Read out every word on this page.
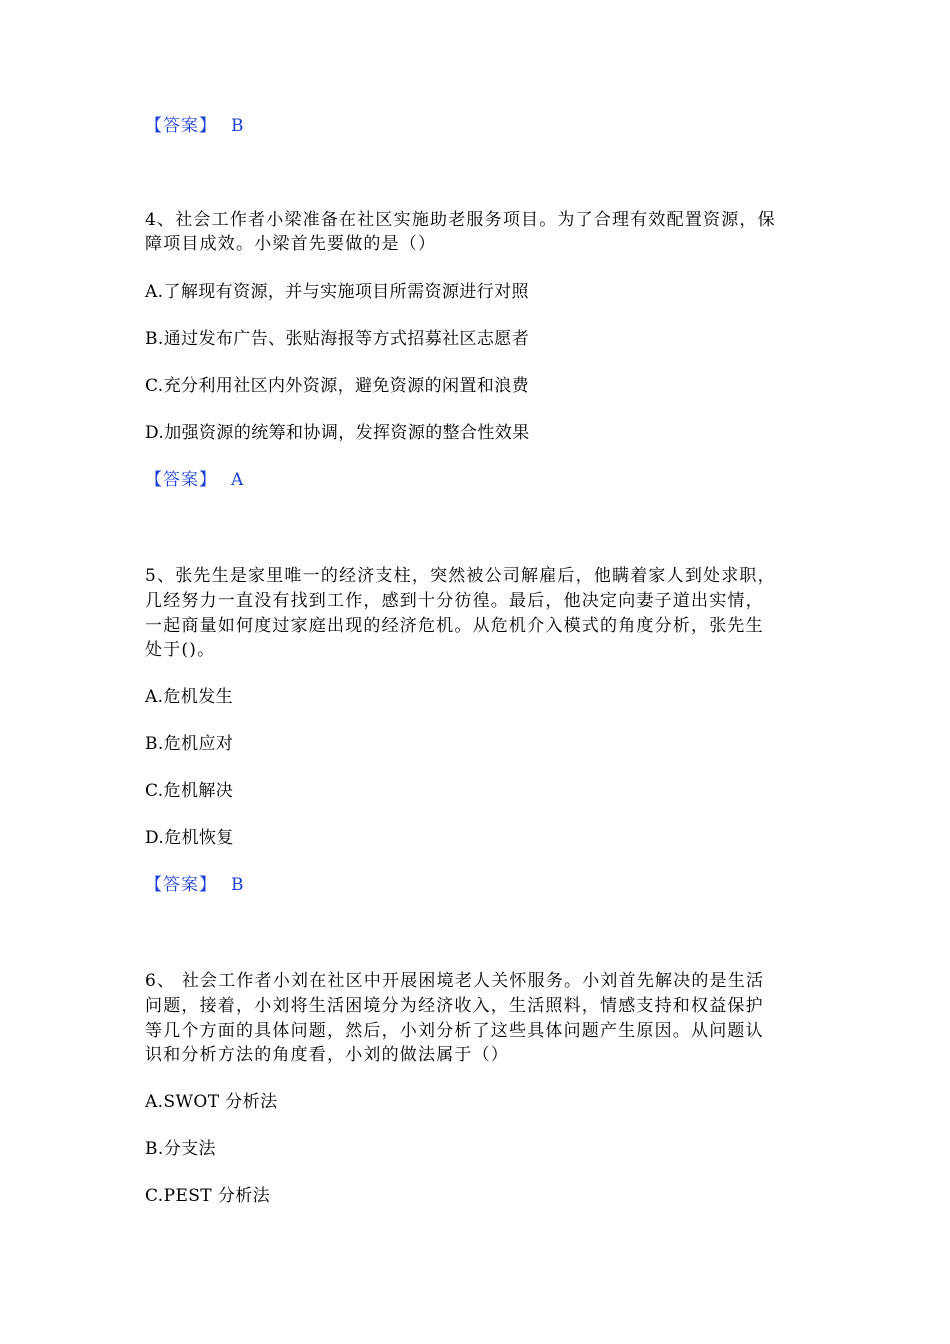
【答案】 B
4、社会工作者小梁准备在社区实施助老服务项目。为了合理有效配置资源，保
障项目成效。小梁首先要做的是（）
A.了解现有资源，并与实施项目所需资源进行对照
B.通过发布广告、张贴海报等方式招募社区志愿者
C.充分利用社区内外资源，避免资源的闲置和浪费
D.加强资源的统筹和协调，发挥资源的整合性效果
【答案】 A
5、张先生是家里唯一的经济支柱，突然被公司解雇后，他瞒着家人到处求职，
几经努力一直没有找到工作，感到十分彷徨。最后，他决定向妻子道出实情，
一起商量如何度过家庭出现的经济危机。从危机介入模式的角度分析，张先生
处于()。
A.危机发生
B.危机应对
C.危机解决
D.危机恢复
【答案】 B
6、 社会工作者小刘在社区中开展困境老人关怀服务。小刘首先解决的是生活
问题，接着，小刘将生活困境分为经济收入，生活照料，情感支持和权益保护
等几个方面的具体问题，然后，小刘分析了这些具体问题产生原因。从问题认
识和分析方法的角度看，小刘的做法属于（）
A.SWOT 分析法
B.分支法
C.PEST 分析法
